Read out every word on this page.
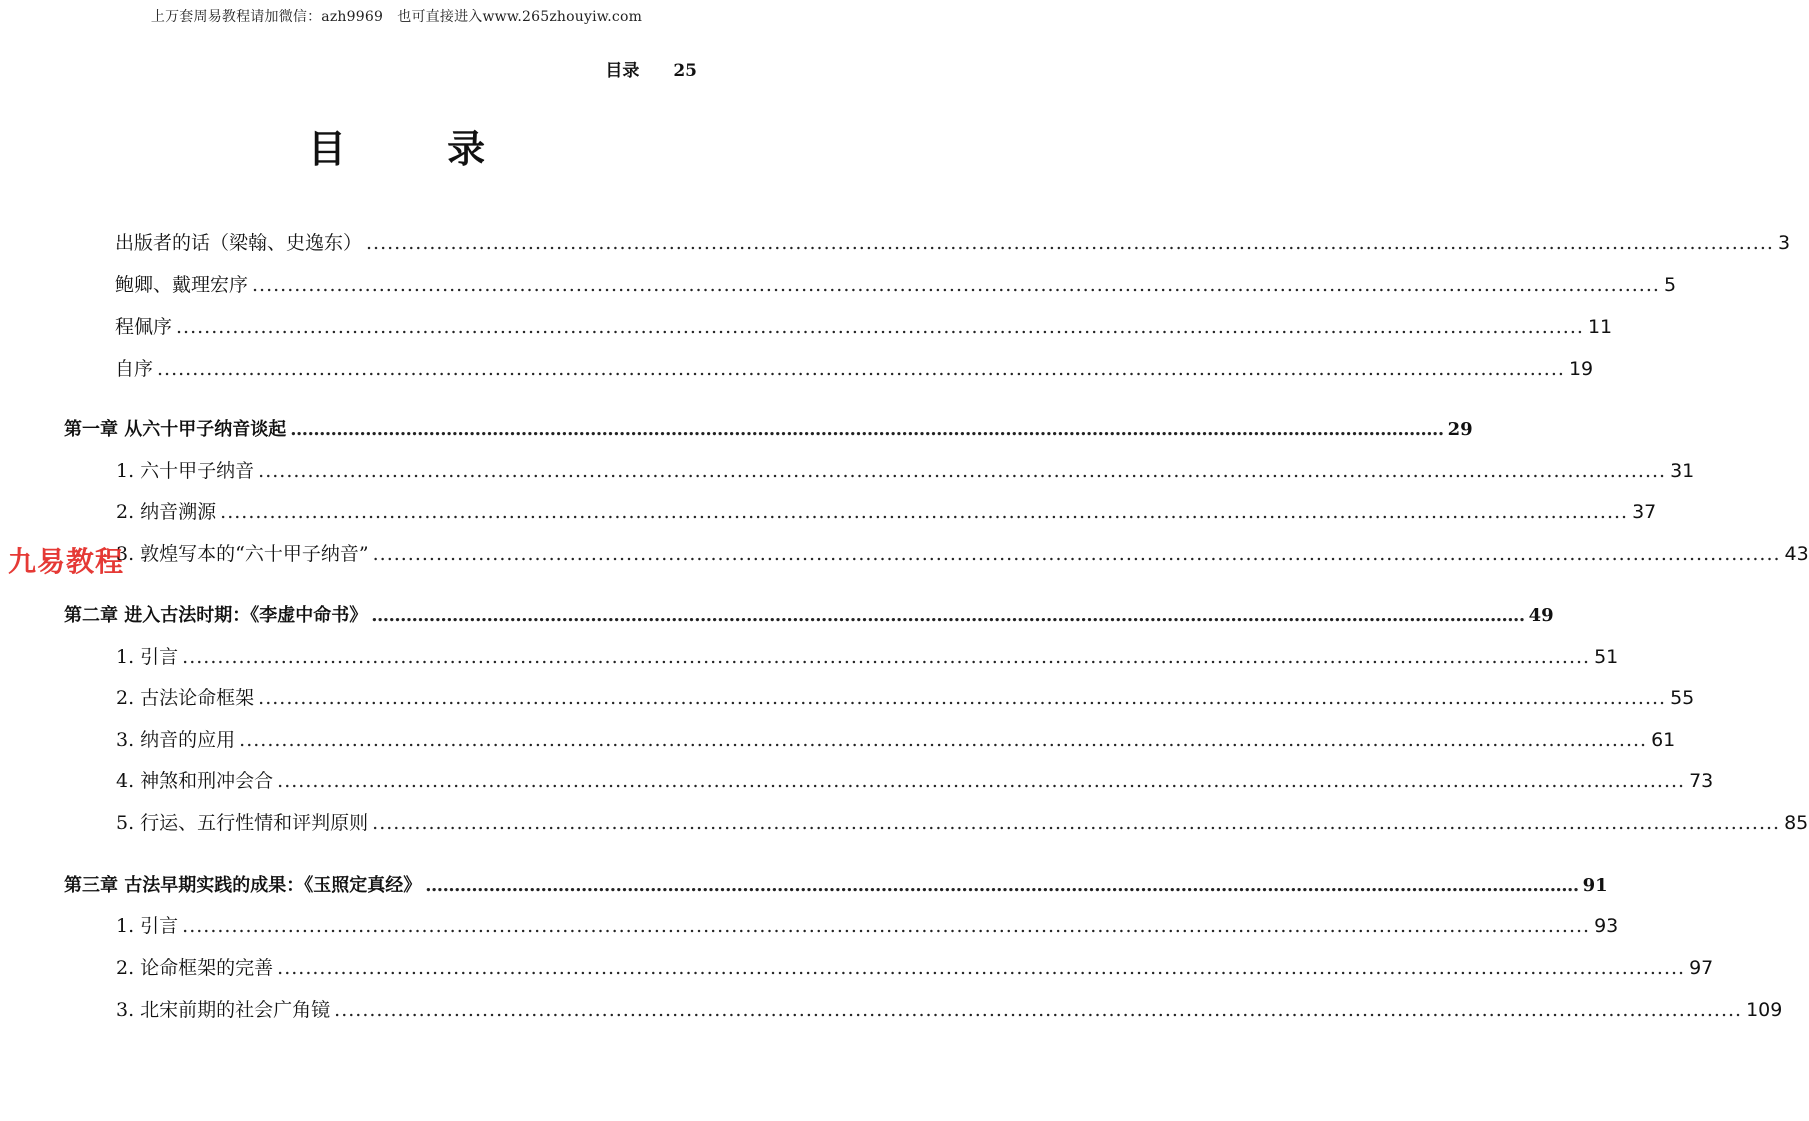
上万套周易教程请加微信：azh9969　也可直接进入www.265zhouyiw.com
目录 25
目 录
九易教程
出版者的话（梁翰、史逸东） ........................................................................................................................................................................................................ 3
鲍卿、戴理宏序 ........................................................................................................................................................................................................ 5
程佩序 ........................................................................................................................................................................................................ 11
自序 ........................................................................................................................................................................................................ 19
第一章 从六十甲子纳音谈起 ........................................................................................................................................................................................................ 29
1. 六十甲子纳音 ........................................................................................................................................................................................................ 31
2. 纳音溯源 ........................................................................................................................................................................................................ 37
3. 敦煌写本的“六十甲子纳音” ........................................................................................................................................................................................................ 43
第二章 进入古法时期：《李虚中命书》 ........................................................................................................................................................................................................ 49
1. 引言 ........................................................................................................................................................................................................ 51
2. 古法论命框架 ........................................................................................................................................................................................................ 55
3. 纳音的应用 ........................................................................................................................................................................................................ 61
4. 神煞和刑冲会合 ........................................................................................................................................................................................................ 73
5. 行运、五行性情和评判原则 ........................................................................................................................................................................................................ 85
第三章 古法早期实践的成果：《玉照定真经》 ........................................................................................................................................................................................................ 91
1. 引言 ........................................................................................................................................................................................................ 93
2. 论命框架的完善 ........................................................................................................................................................................................................ 97
3. 北宋前期的社会广角镜 ........................................................................................................................................................................................................ 109
